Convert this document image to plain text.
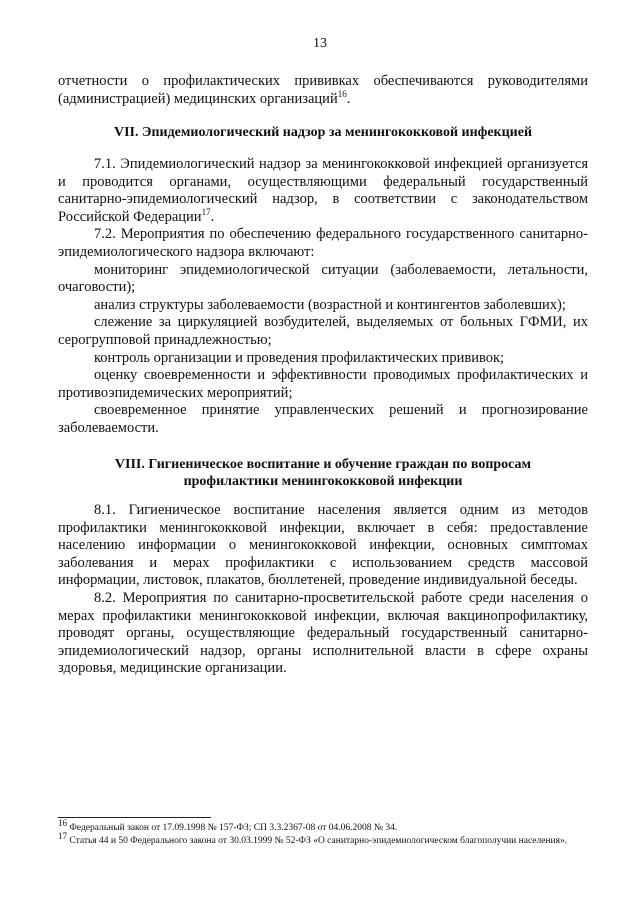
13

отчетности о профилактических прививках обеспечиваются руководителями (администрацией) медицинских организаций$^{16}$.

VII. Эпидемиологический надзор за менингококковой инфекцией

7.1. Эпидемиологический надзор за менингококковой инфекцией организуется и проводится органами, осуществляющими федеральный государственный санитарно-эпидемиологический надзор, в соответствии с законодательством Российской Федерации$^{17}$.

7.2. Мероприятия по обеспечению федерального государственного санитарно-эпидемиологического надзора включают:

мониторинг эпидемиологической ситуации (заболеваемости, летальности, очаговости);

анализ структуры заболеваемости (возрастной и контингентов заболевших);

слежение за циркуляцией возбудителей, выделяемых от больных ГФМИ, их серогрупповой принадлежностью;

контроль организации и проведения профилактических прививок;

оценку своевременности и эффективности проводимых профилактических и противоэпидемических мероприятий;

своевременное принятие управленческих решений и прогнозирование заболеваемости.

VIII. Гигиеническое воспитание и обучение граждан по вопросам
профилактики менингококковой инфекции

8.1. Гигиеническое воспитание населения является одним из методов профилактики менингококковой инфекции, включает в себя: предоставление населению информации о менингококковой инфекции, основных симптомах заболевания и мерах профилактики с использованием средств массовой информации, листовок, плакатов, бюллетеней, проведение индивидуальной беседы.

8.2. Мероприятия по санитарно-просветительской работе среди населения о мерах профилактики менингококковой инфекции, включая вакцинопрофилактику, проводят органы, осуществляющие федеральный государственный санитарно-эпидемиологический надзор, органы исполнительной власти в сфере охраны здоровья, медицинские организации.

$^{16}$ Федеральный закон от 17.09.1998 № 157-ФЗ; СП 3.3.2367-08 от 04.06.2008 № 34.

$^{17}$ Статья 44 и 50 Федерального закона от 30.03.1999 № 52-ФЗ «О санитарно-эпидемиологическом благополучии населения».
